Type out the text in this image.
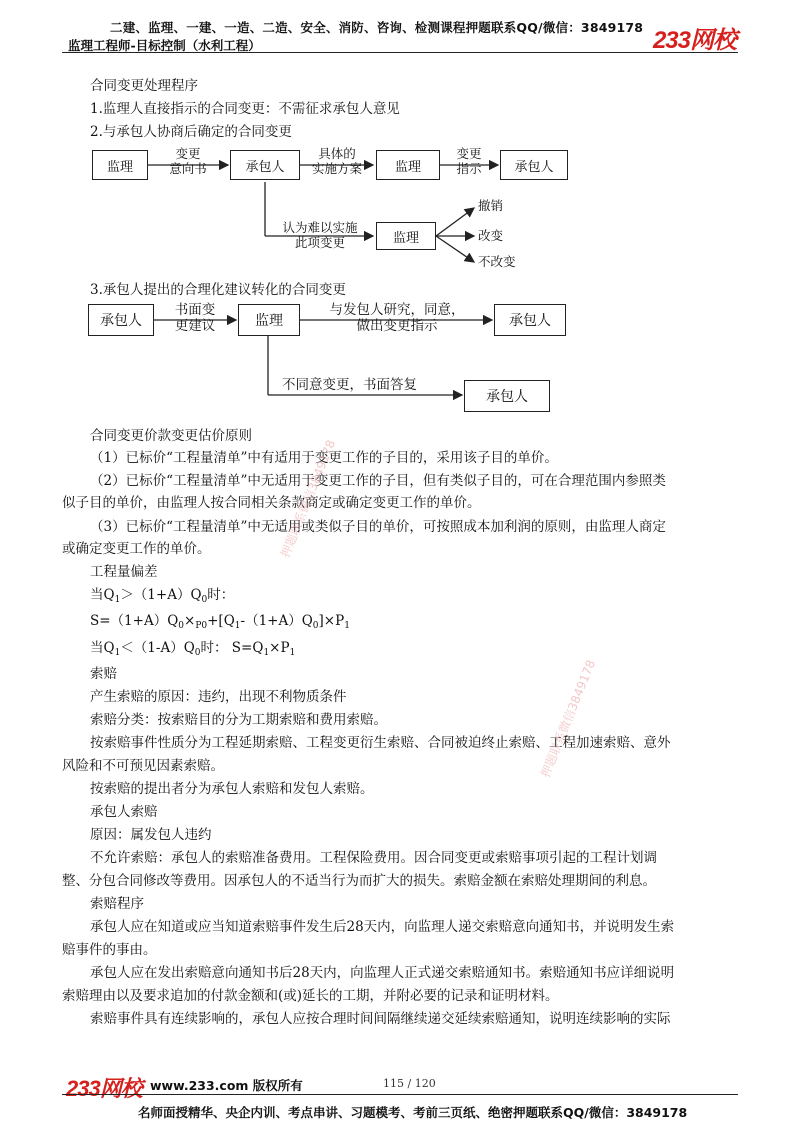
二建、监理、一建、一造、二造、安全、消防、咨询、检测课程押题联系QQ/微信：3849178 233网校
监理工程师-目标控制（水利工程）
合同变更处理程序
1.监理人直接指示的合同变更：不需征求承包人意见
2.与承包人协商后确定的合同变更
监理
变更
意向书	承包人
具体的
实施方案	监理
变更
指示	承包人
认为难以实施
此项变更	监理
撤销
改变
不改变
3.承包人提出的合理化建议转化的合同变更
承包人
书面变
更建议	监理
与发包人研究，同意，
做出变更指示	承包人
不同意变更，书面答复
承包人
合同变更价款变更估价原则
（1）已标价“工程量清单”中有适用于变更工作的子目的，采用该子目的单价。
（2）已标价“工程量清单”中无适用于变更工作的子目，但有类似子目的，可在合理范围内参照类
似子目的单价，由监理人按合同相关条款商定或确定变更工作的单价。
（3）已标价“工程量清单”中无适用或类似子目的单价，可按照成本加利润的原则，由监理人商定
或确定变更工作的单价。
工程量偏差
当$Q_1>(1+A)Q_0$时：
$S=(1+A)Q_0\times_{P0}+[Q_1-(1+A)Q_0]\times P_1$
当$Q_1<(1-A)Q_0$时： $S=Q_1\times P_1$
索赔
产生索赔的原因：违约，出现不利物质条件
索赔分类：按索赔目的分为工期索赔和费用索赔。
按索赔事件性质分为工程延期索赔、工程变更衍生索赔、合同被迫终止索赔、工程加速索赔、意外
风险和不可预见因素索赔。
按索赔的提出者分为承包人索赔和发包人索赔。
承包人索赔
原因：属发包人违约
不允许索赔：承包人的索赔准备费用。工程保险费用。因合同变更或索赔事项引起的工程计划调
整、分包合同修改等费用。因承包人的不适当行为而扩大的损失。索赔金额在索赔处理期间的利息。
索赔程序
承包人应在知道或应当知道索赔事件发生后28天内，向监理人递交索赔意向通知书，并说明发生索
赔事件的事由。
承包人应在发出索赔意向通知书后28天内，向监理人正式递交索赔通知书。索赔通知书应详细说明
索赔理由以及要求追加的付款金额和(或)延长的工期，并附必要的记录和证明材料。
索赔事件具有连续影响的，承包人应按合理时间间隔继续递交延续索赔通知，说明连续影响的实际
押题联系微信3849178
押题联系微信3849178
233网校 www.233.com 版权所有	115 / 120
名师面授精华、央企内训、考点串讲、习题模考、考前三页纸、绝密押题联系QQ/微信：3849178
